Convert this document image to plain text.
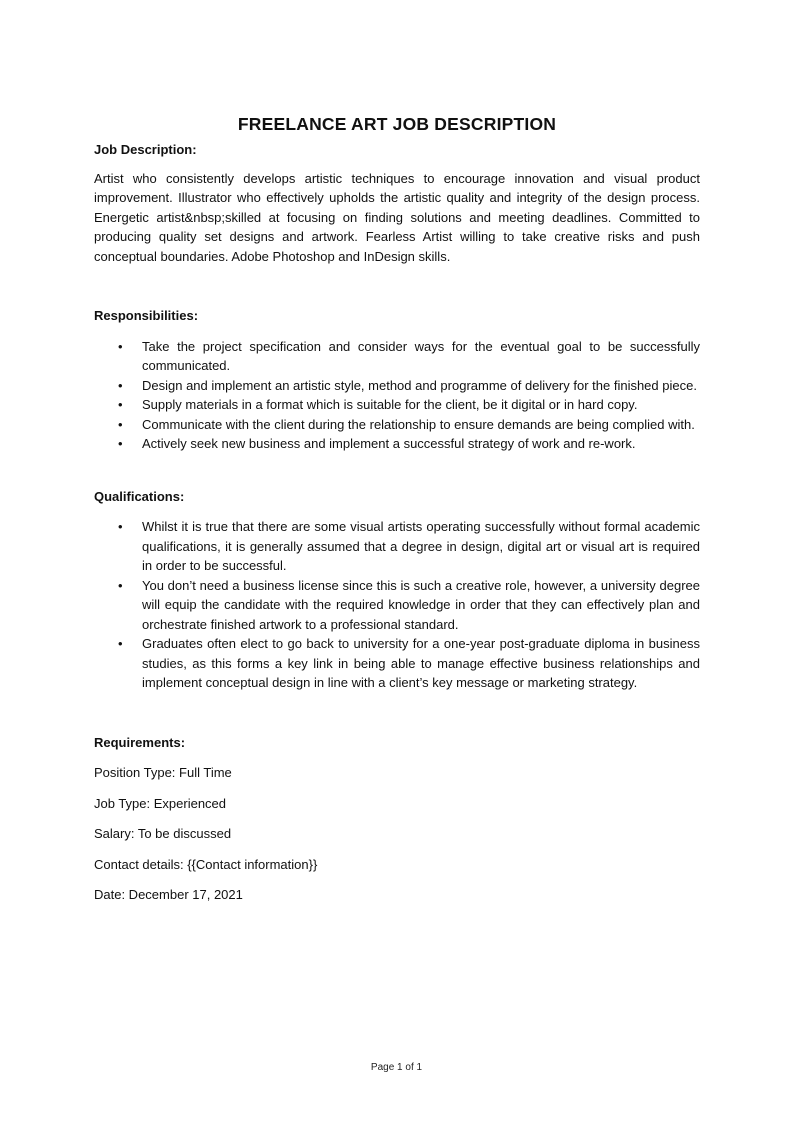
FREELANCE ART JOB DESCRIPTION

Job Description:

Artist who consistently develops artistic techniques to encourage innovation and visual product improvement. Illustrator who effectively upholds the artistic quality and integrity of the design process. Energetic artist&nbsp;skilled at focusing on finding solutions and meeting deadlines. Committed to producing quality set designs and artwork. Fearless Artist willing to take creative risks and push conceptual boundaries. Adobe Photoshop and InDesign skills.

Responsibilities:

• Take the project specification and consider ways for the eventual goal to be successfully communicated.
• Design and implement an artistic style, method and programme of delivery for the finished piece.
• Supply materials in a format which is suitable for the client, be it digital or in hard copy.
• Communicate with the client during the relationship to ensure demands are being complied with.
• Actively seek new business and implement a successful strategy of work and re-work.

Qualifications:

• Whilst it is true that there are some visual artists operating successfully without formal academic qualifications, it is generally assumed that a degree in design, digital art or visual art is required in order to be successful.
• You don’t need a business license since this is such a creative role, however, a university degree will equip the candidate with the required knowledge in order that they can effectively plan and orchestrate finished artwork to a professional standard.
• Graduates often elect to go back to university for a one-year post-graduate diploma in business studies, as this forms a key link in being able to manage effective business relationships and implement conceptual design in line with a client’s key message or marketing strategy.

Requirements:

Position Type: Full Time

Job Type: Experienced

Salary: To be discussed

Contact details: {{Contact information}}

Date: December 17, 2021

Page 1 of 1
